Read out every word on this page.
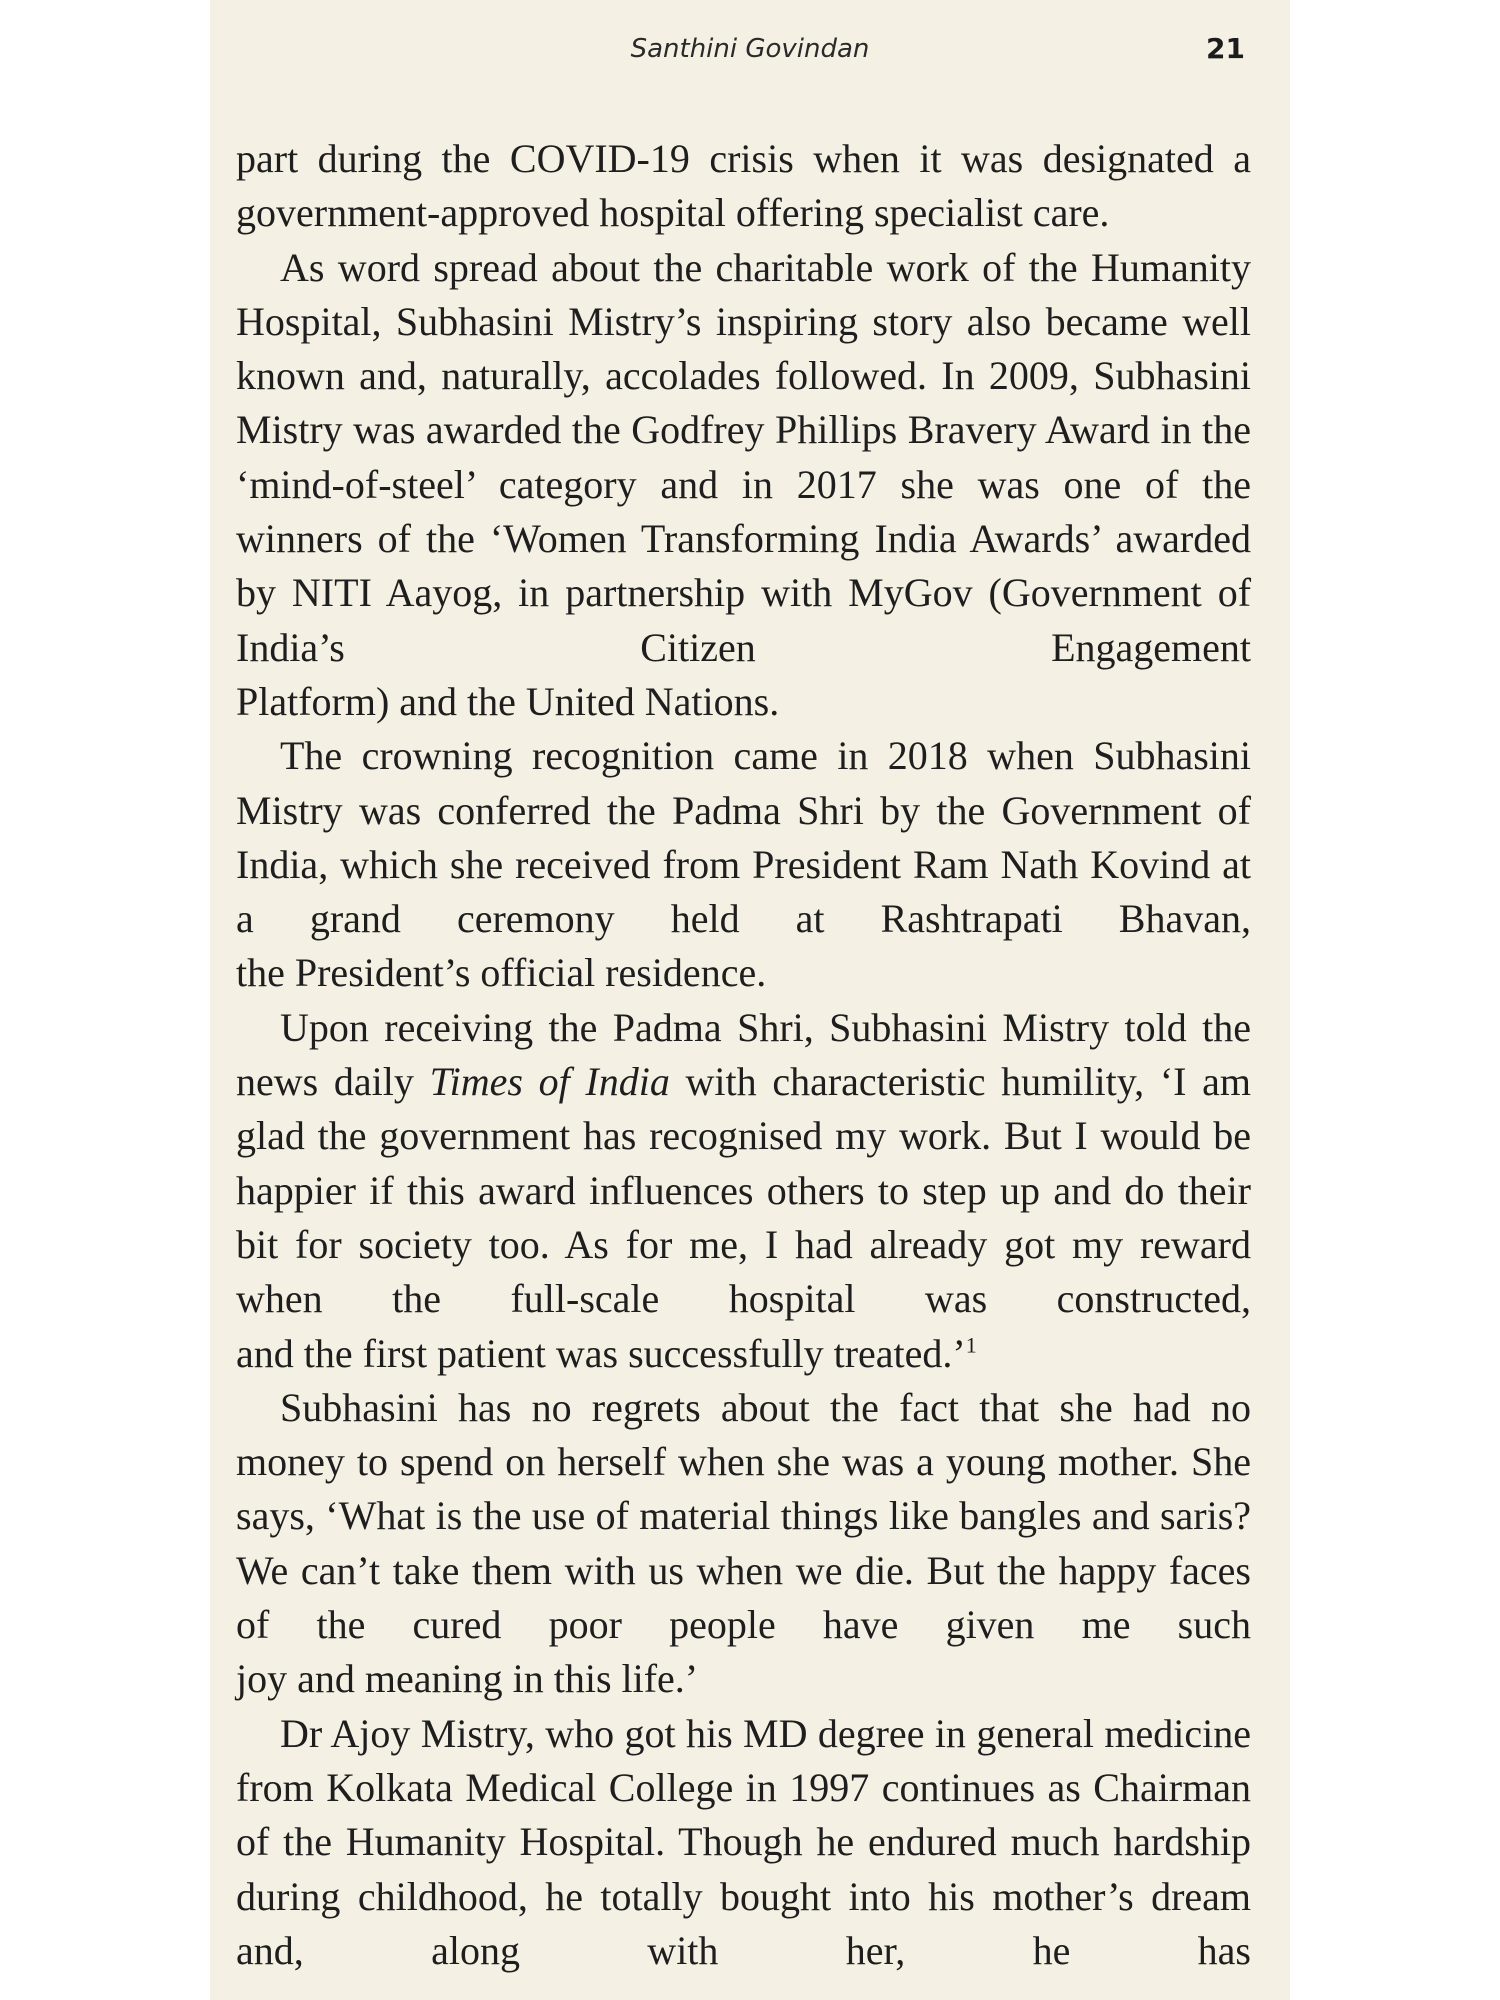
Santhini Govindan	21

part during the COVID-19 crisis when it was designated a
government-approved hospital offering specialist care.

As word spread about the charitable work of the Humanity Hospital, Subhasini Mistry’s inspiring story also became well known and, naturally, accolades followed. In 2009, Subhasini Mistry was awarded the Godfrey Phillips Bravery Award in the ‘mind-of-steel’ category and in 2017 she was one of the winners of the ‘Women Transforming India Awards’ awarded by NITI Aayog, in partnership with MyGov (Government of India’s Citizen Engagement
Platform) and the United Nations.

The crowning recognition came in 2018 when Subhasini Mistry was conferred the Padma Shri by the Government of India, which she received from President Ram Nath Kovind at a grand ceremony held at Rashtrapati Bhavan,
the President’s official residence.

Upon receiving the Padma Shri, Subhasini Mistry told the news daily Times of India with characteristic humility, ‘I am glad the government has recognised my work. But I would be happier if this award influences others to step up and do their bit for society too. As for me, I had already got my reward when the full-scale hospital was constructed,
and the first patient was successfully treated.’$^1$

Subhasini has no regrets about the fact that she had no money to spend on herself when she was a young mother. She says, ‘What is the use of material things like bangles and saris? We can’t take them with us when we die. But the happy faces of the cured poor people have given me such
joy and meaning in this life.’

Dr Ajoy Mistry, who got his MD degree in general medicine from Kolkata Medical College in 1997 continues as Chairman of the Humanity Hospital. Though he endured much hardship during childhood, he totally bought into his mother’s dream and, along with her, he has
